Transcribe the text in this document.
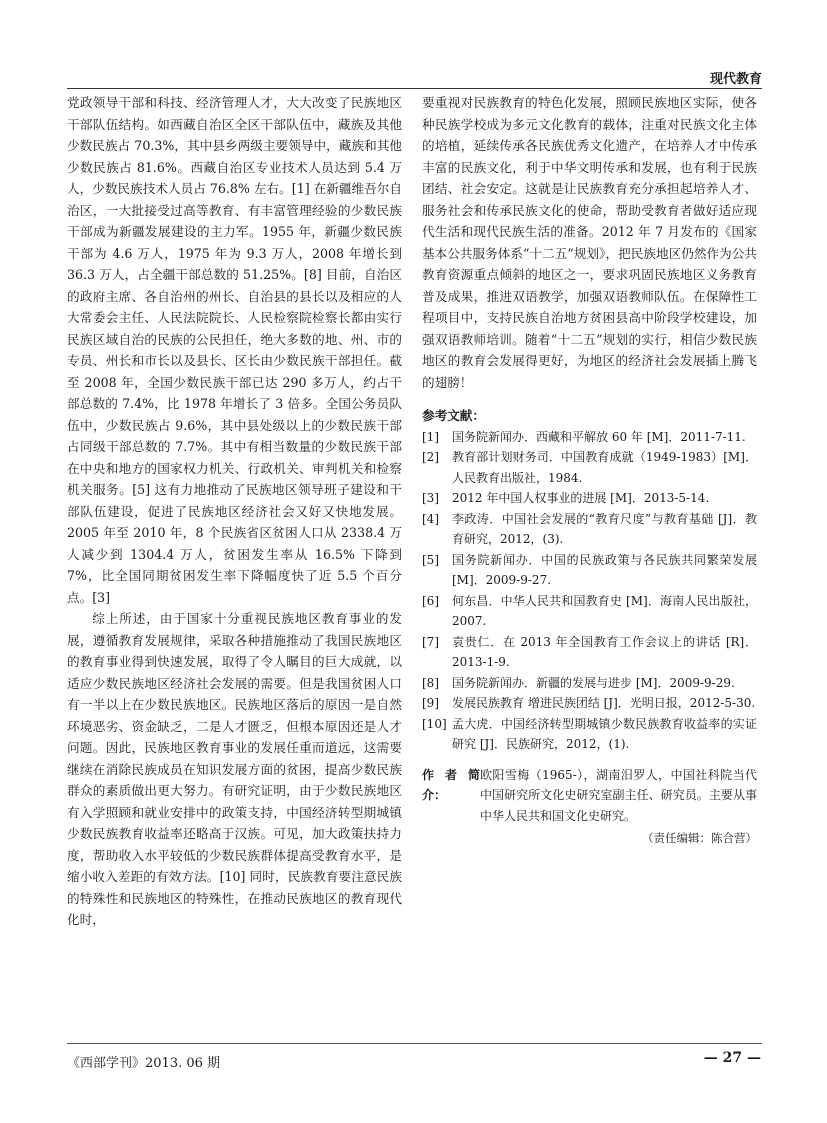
现代教育

党政领导干部和科技、经济管理人才，大大改变了民族地区干部队伍结构。如西藏自治区全区干部队伍中，藏族及其他少数民族占 70.3%，其中县乡两级主要领导中，藏族和其他少数民族占 81.6%。西藏自治区专业技术人员达到 5.4 万人，少数民族技术人员占 76.8% 左右。[1] 在新疆维吾尔自治区，一大批接受过高等教育、有丰富管理经验的少数民族干部成为新疆发展建设的主力军。1955 年，新疆少数民族干部为 4.6 万人，1975 年为 9.3 万人，2008 年增长到 36.3 万人，占全疆干部总数的 51.25%。[8] 目前，自治区的政府主席、各自治州的州长、自治县的县长以及相应的人大常委会主任、人民法院院长、人民检察院检察长都由实行民族区域自治的民族的公民担任，绝大多数的地、州、市的专员、州长和市长以及县长、区长由少数民族干部担任。截至 2008 年，全国少数民族干部已达 290 多万人，约占干部总数的 7.4%，比 1978 年增长了 3 倍多。全国公务员队伍中，少数民族占 9.6%，其中县处级以上的少数民族干部占同级干部总数的 7.7%。其中有相当数量的少数民族干部在中央和地方的国家权力机关、行政机关、审判机关和检察机关服务。[5] 这有力地推动了民族地区领导班子建设和干部队伍建设，促进了民族地区经济社会又好又快地发展。2005 年至 2010 年，8 个民族省区贫困人口从 2338.4 万人减少到 1304.4 万人，贫困发生率从 16.5% 下降到 7%，比全国同期贫困发生率下降幅度快了近 5.5 个百分点。[3]

综上所述，由于国家十分重视民族地区教育事业的发展，遵循教育发展规律，采取各种措施推动了我国民族地区的教育事业得到快速发展，取得了令人瞩目的巨大成就，以适应少数民族地区经济社会发展的需要。但是我国贫困人口有一半以上在少数民族地区。民族地区落后的原因一是自然环境恶劣、资金缺乏，二是人才匮乏，但根本原因还是人才问题。因此，民族地区教育事业的发展任重而道远，这需要继续在消除民族成员在知识发展方面的贫困，提高少数民族群众的素质做出更大努力。有研究证明，由于少数民族地区有入学照顾和就业安排中的政策支持，中国经济转型期城镇少数民族教育收益率还略高于汉族。可见，加大政策扶持力度，帮助收入水平较低的少数民族群体提高受教育水平，是缩小收入差距的有效方法。[10] 同时，民族教育要注意民族的特殊性和民族地区的特殊性，在推动民族地区的教育现代化时，

要重视对民族教育的特色化发展，照顾民族地区实际，使各种民族学校成为多元文化教育的载体，注重对民族文化主体的培植，延续传承各民族优秀文化遗产，在培养人才中传承丰富的民族文化，利于中华文明传承和发展，也有利于民族团结、社会安定。这就是让民族教育充分承担起培养人才、服务社会和传承民族文化的使命，帮助受教育者做好适应现代生活和现代民族生活的准备。2012 年 7 月发布的《国家基本公共服务体系“十二五”规划》，把民族地区仍然作为公共教育资源重点倾斜的地区之一，要求巩固民族地区义务教育普及成果，推进双语教学，加强双语教师队伍。在保障性工程项目中，支持民族自治地方贫困县高中阶段学校建设，加强双语教师培训。随着“十二五”规划的实行，相信少数民族地区的教育会发展得更好，为地区的经济社会发展插上腾飞的翅膀！

参考文献：
[1]	国务院新闻办．西藏和平解放 60 年 [M]．2011-7-11.
[2]	教育部计划财务司．中国教育成就（1949-1983）[M]．人民教育出版社，1984.
[3]	2012 年中国人权事业的进展 [M]．2013-5-14.
[4]	李政涛．中国社会发展的“教育尺度”与教育基础 [J]．教育研究，2012，(3).
[5]	国务院新闻办．中国的民族政策与各民族共同繁荣发展 [M]．2009-9-27.
[6]	何东昌．中华人民共和国教育史 [M]．海南人民出版社，2007.
[7]	袁贵仁．在 2013 年全国教育工作会议上的讲话 [R]．2013-1-9.
[8]	国务院新闻办．新疆的发展与进步 [M]．2009-9-29.
[9]	发展民族教育 增进民族团结 [J]．光明日报，2012-5-30.
[10] 孟大虎．中国经济转型期城镇少数民族教育收益率的实证研究 [J]．民族研究，2012，(1).
作者简介：
欧阳雪梅（1965-），湖南汨罗人，中国社科院当代中国研究所文化史研究室副主任、研究员。主要从事中华人民共和国文化史研究。
（责任编辑：陈合营）
《西部学刊》2013. 06 期	— 27 —
